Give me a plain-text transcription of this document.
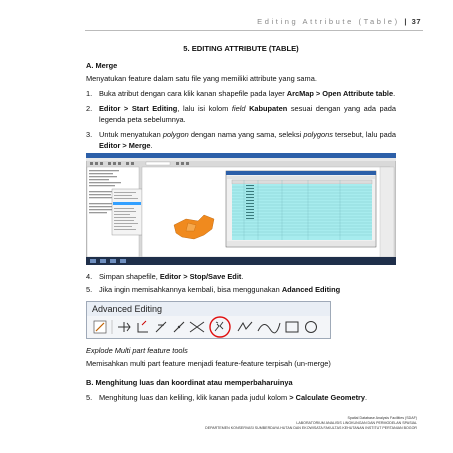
Editing Attribute (Table) | 37

5. EDITING ATTRIBUTE (TABLE)

A. Merge

Menyatukan feature dalam satu file yang memiliki attribute yang sama.

1. Buka atribut dengan cara klik kanan shapefile pada layer ArcMap > Open Attribute table.

2. Editor > Start Editing, lalu isi kolom field Kabupaten sesuai dengan yang ada pada legenda peta sebelumnya.

3. Untuk menyatukan polygon dengan nama yang sama, seleksi polygons tersebut, lalu pada Editor > Merge.

4. Simpan shapefile, Editor > Stop/Save Edit.

5. Jika ingin memisahkannya kembali, bisa menggunakan Adanced Editing

Advanced Editing

Explode Multi part feature tools

Memisahkan multi part feature menjadi feature-feature terpisah (un-merge)

B. Menghitung luas dan koordinat atau memperbaharuinya

5. Menghitung luas dan keliling, klik kanan pada judul kolom > Calculate Geometry.

Spatial Database Analysis Facilities (SDAF)
LABORATORIUM ANALISIS LINGKUNGAN DAN PERMODELAN SPASIAL
DEPARTEMEN KONSERVASI SUMBERDAYA HUTAN DAN EKOWISATA FAKULTAS KEHUTANAN INSTITUT PERTANIAN BOGOR
